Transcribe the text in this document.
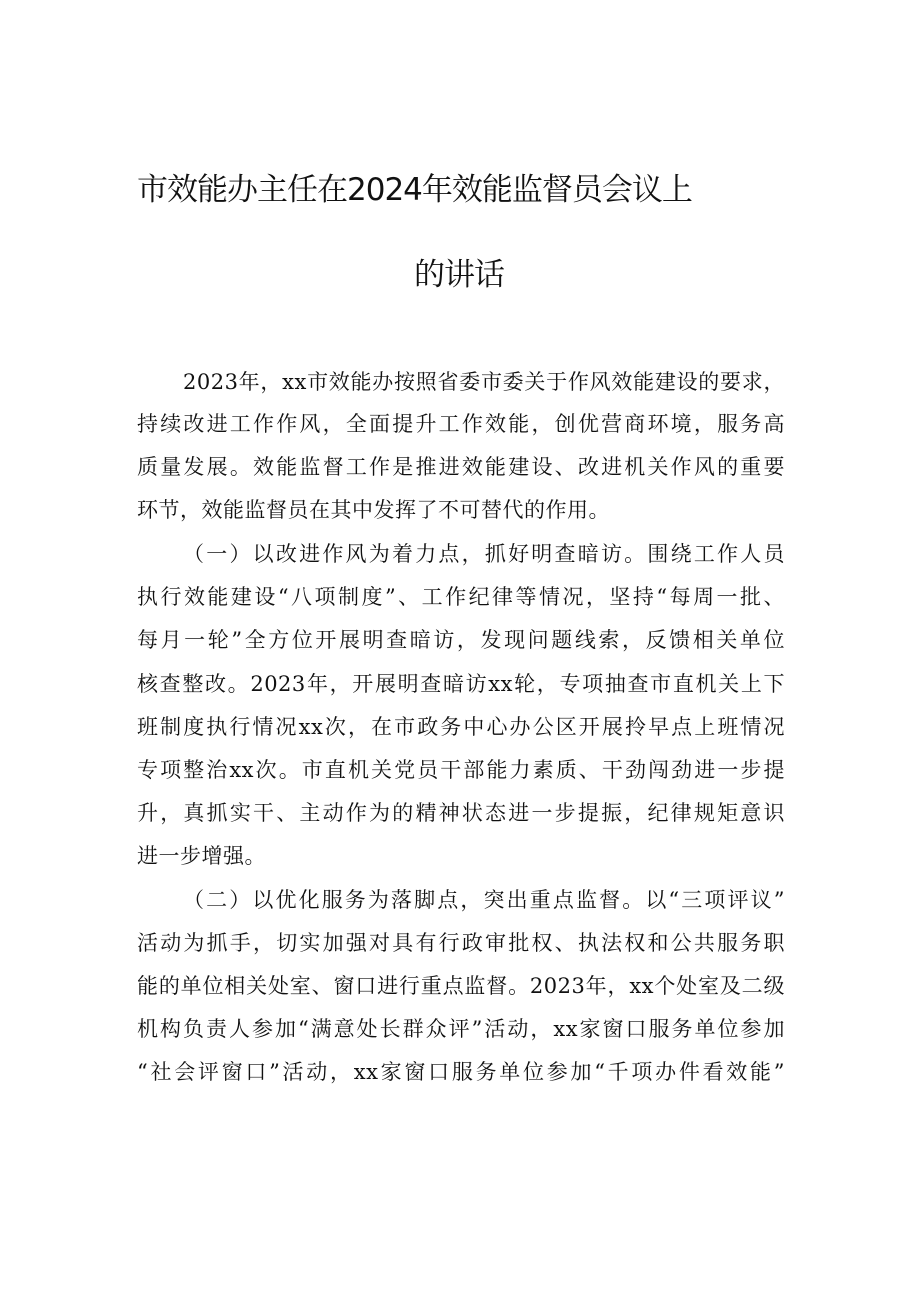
市效能办主任在2024年效能监督员会议上
的讲话
2023年，xx市效能办按照省委市委关于作风效能建设的要求，
持续改进工作作风，全面提升工作效能，创优营商环境，服务高
质量发展。效能监督工作是推进效能建设、改进机关作风的重要
环节，效能监督员在其中发挥了不可替代的作用。
（一）以改进作风为着力点，抓好明查暗访。围绕工作人员
执行效能建设“八项制度”、工作纪律等情况，坚持“每周一批、
每月一轮”全方位开展明查暗访，发现问题线索，反馈相关单位
核查整改。2023年，开展明查暗访xx轮，专项抽查市直机关上下
班制度执行情况xx次，在市政务中心办公区开展拎早点上班情况
专项整治xx次。市直机关党员干部能力素质、干劲闯劲进一步提
升，真抓实干、主动作为的精神状态进一步提振，纪律规矩意识
进一步增强。
（二）以优化服务为落脚点，突出重点监督。以“三项评议”
活动为抓手，切实加强对具有行政审批权、执法权和公共服务职
能的单位相关处室、窗口进行重点监督。2023年，xx个处室及二级
机构负责人参加“满意处长群众评”活动，xx家窗口服务单位参加
“社会评窗口”活动，xx家窗口服务单位参加“千项办件看效能”
